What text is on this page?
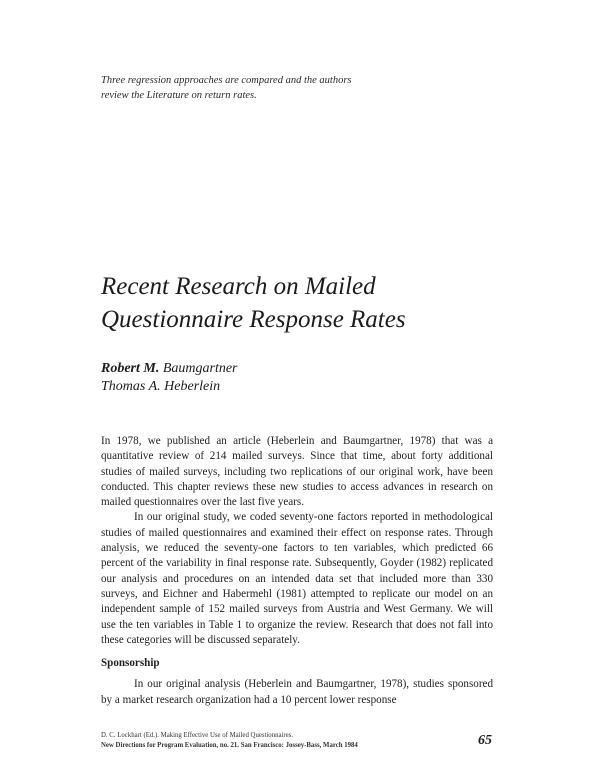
Three regression approaches are compared and the authors
review the Literature on return rates.
Recent Research on Mailed
Questionnaire Response Rates
Robert M. Baumgartner
Thomas A. Heberlein

In 1978, we published an article (Heberlein and Baumgartner, 1978) that was a quantitative review of 214 mailed surveys. Since that time, about forty additional studies of mailed surveys, including two replications of our original work, have been conducted. This chapter reviews these new studies to access advances in research on mailed questionnaires over the last five years.

In our original study, we coded seventy-one factors reported in methodological studies of mailed questionnaires and examined their effect on response rates. Through analysis, we reduced the seventy-one factors to ten variables, which predicted 66 percent of the variability in final response rate. Subsequently, Goyder (1982) replicated our analysis and procedures on an intended data set that included more than 330 surveys, and Eichner and Habermehl (1981) attempted to replicate our model on an independent sample of 152 mailed surveys from Austria and West Germany. We will use the ten variables in Table 1 to organize the review. Research that does not fall into these categories will be discussed separately.

Sponsorship

In our original analysis (Heberlein and Baumgartner, 1978), studies sponsored by a market research organization had a 10 percent lower response

D. C. Lockhart (Ed.). Making Effective Use of Mailed Questionnaires.
New Directions for Program Evaluation, no. 21. San Francisco: Jossey-Bass, March 1984	65
